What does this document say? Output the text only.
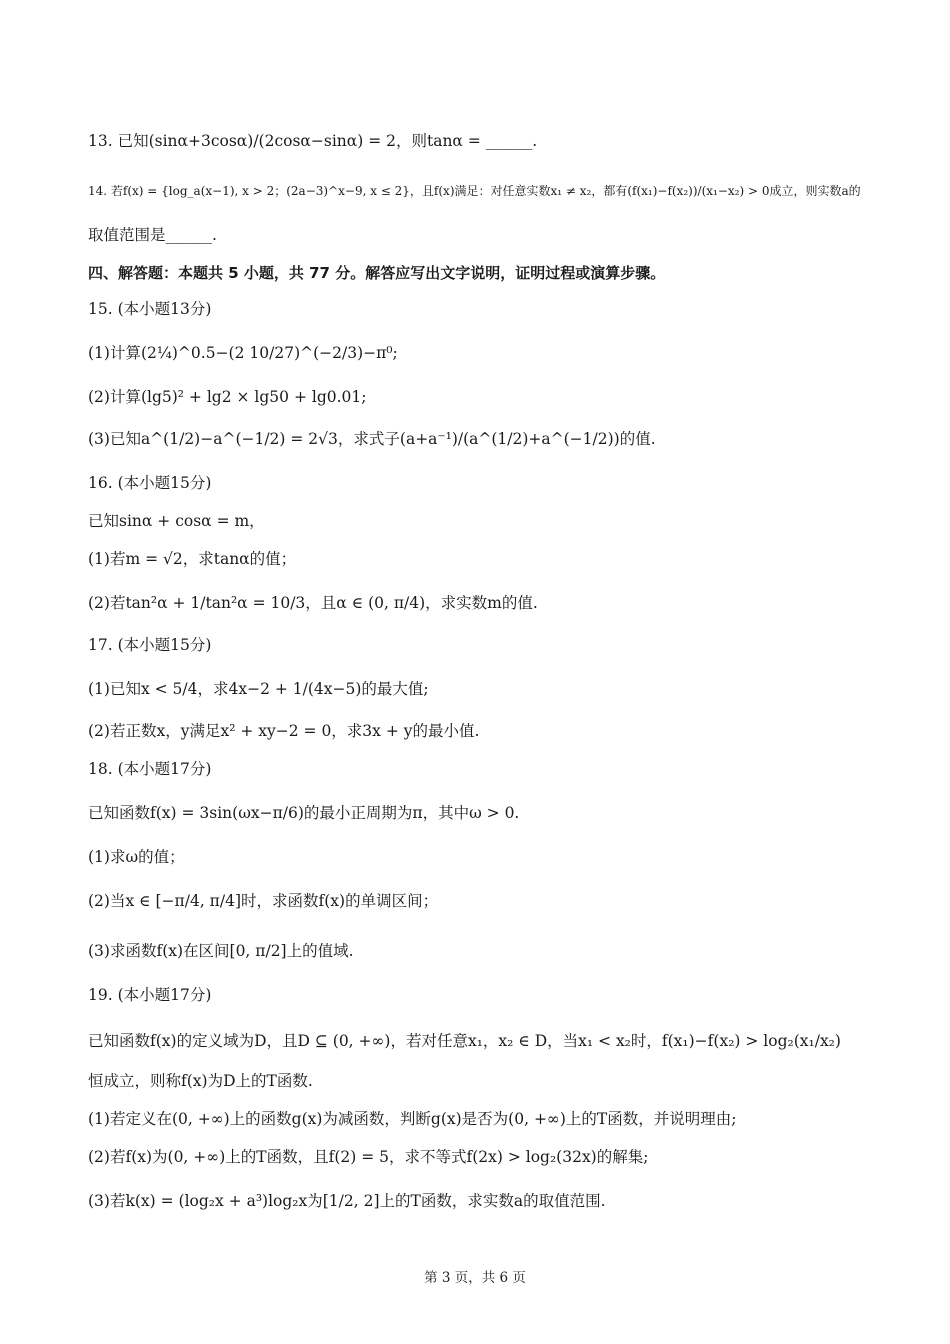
13. 已知(sinα+3cosα)/(2cosα−sinα) = 2，则tanα = ______.
14. 若f(x) = {log_a(x−1), x > 2；(2a−3)^x−9, x ≤ 2}，且f(x)满足：对任意实数x₁ ≠ x₂，都有(f(x₁)−f(x₂))/(x₁−x₂) > 0成立，则实数a的
取值范围是______.
四、解答题：本题共 5 小题，共 77 分。解答应写出文字说明，证明过程或演算步骤。
15. (本小题13分)
(1)计算(2¼)^0.5−(2 10/27)^(−2/3)−π⁰;
(2)计算(lg5)² + lg2 × lg50 + lg0.01;
(3)已知a^(1/2)−a^(−1/2) = 2√3，求式子(a+a⁻¹)/(a^(1/2)+a^(−1/2))的值.
16. (本小题15分)
已知sinα + cosα = m，
(1)若m = √2，求tanα的值；
(2)若tan²α + 1/tan²α = 10/3，且α ∈ (0, π/4)，求实数m的值.
17. (本小题15分)
(1)已知x < 5/4，求4x−2 + 1/(4x−5)的最大值;
(2)若正数x，y满足x² + xy−2 = 0，求3x + y的最小值.
18. (本小题17分)
已知函数f(x) = 3sin(ωx−π/6)的最小正周期为π，其中ω > 0.
(1)求ω的值；
(2)当x ∈ [−π/4, π/4]时，求函数f(x)的单调区间；
(3)求函数f(x)在区间[0, π/2]上的值域.
19. (本小题17分)
已知函数f(x)的定义域为D，且D ⊆ (0, +∞)，若对任意x₁，x₂ ∈ D，当x₁ < x₂时，f(x₁)−f(x₂) > log₂(x₁/x₂)
恒成立，则称f(x)为D上的T函数.
(1)若定义在(0, +∞)上的函数g(x)为减函数，判断g(x)是否为(0, +∞)上的T函数，并说明理由;
(2)若f(x)为(0, +∞)上的T函数，且f(2) = 5，求不等式f(2x) > log₂(32x)的解集;
(3)若k(x) = (log₂x + a³)log₂x为[1/2, 2]上的T函数，求实数a的取值范围.
第 3 页，共 6 页
